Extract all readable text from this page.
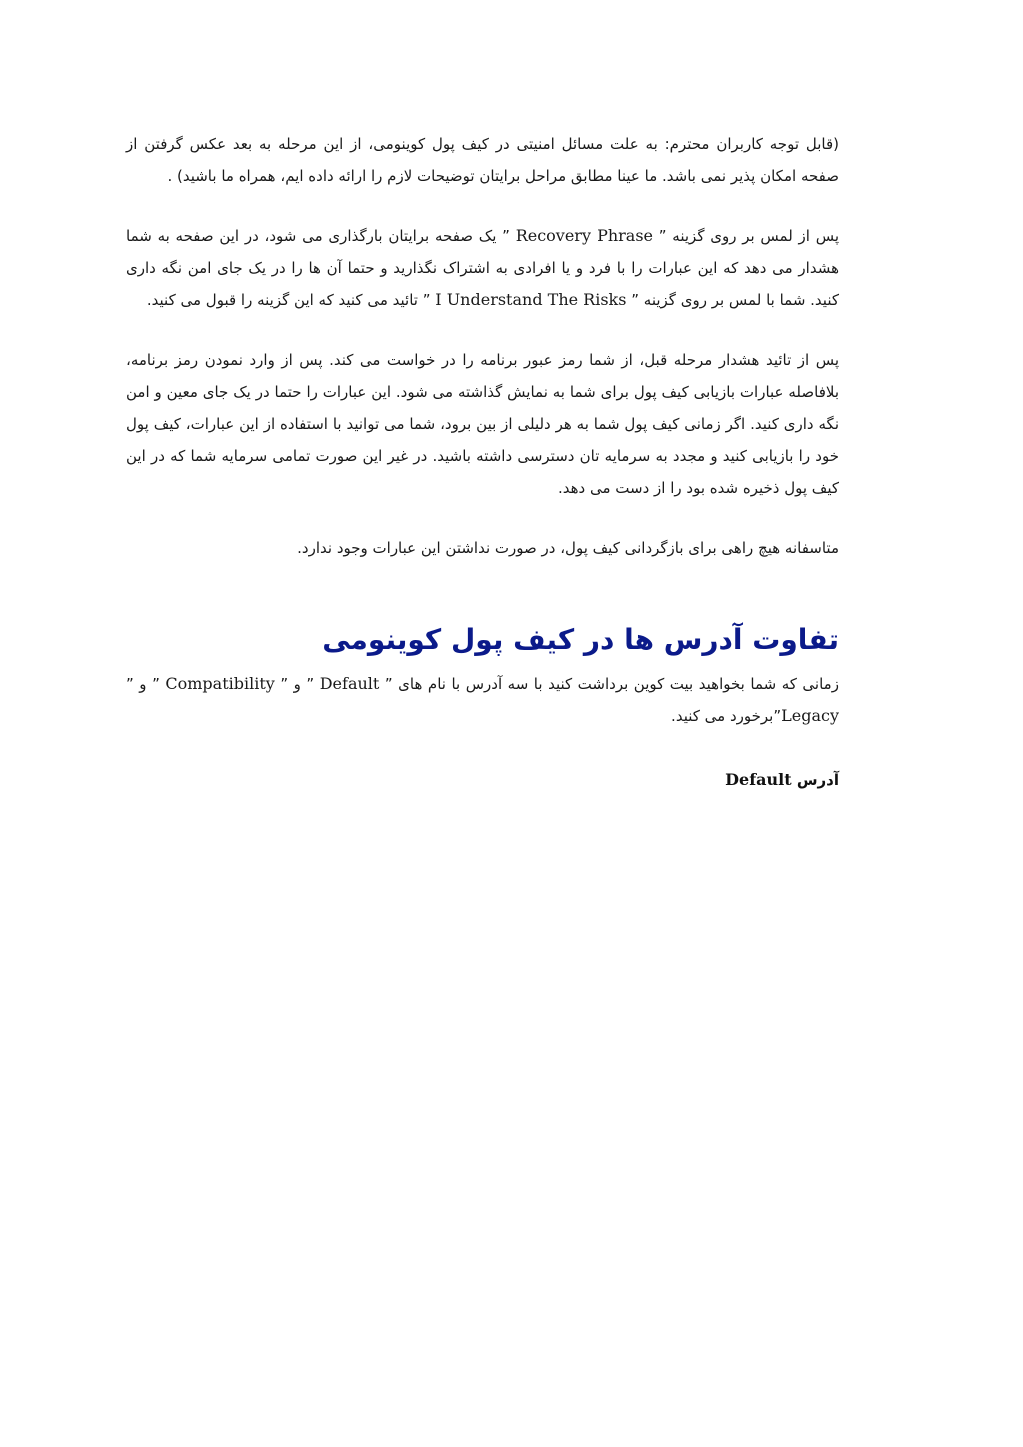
(قابل توجه کاربران محترم: به علت مسائل امنیتی در کیف پول کوینومی، از این مرحله به بعد عکس گرفتن از صفحه امکان پذیر نمی باشد. ما عینا مطابق مراحل برایتان توضیحات لازم را ارائه داده ایم، همراه ما باشید) .

پس از لمس بر روی گزینه ” Recovery Phrase ” یک صفحه برایتان بارگذاری می شود، در این صفحه به شما هشدار می دهد که این عبارات را با فرد و یا افرادی به اشتراک نگذارید و حتما آن ها را در یک جای امن نگه داری کنید. شما با لمس بر روی گزینه ” I Understand The Risks ” تائید می کنید که این گزینه را قبول می کنید.

پس از تائید هشدار مرحله قبل، از شما رمز عبور برنامه را در خواست می کند. پس از وارد نمودن رمز برنامه، بلافاصله عبارات بازیابی کیف پول برای شما به نمایش گذاشته می شود. این عبارات را حتما در یک جای معین و امن نگه داری کنید. اگر زمانی کیف پول شما به هر دلیلی از بین برود، شما می توانید با استفاده از این عبارات، کیف پول خود را بازیابی کنید و مجدد به سرمایه تان دسترسی داشته باشید. در غیر این صورت تمامی سرمایه شما که در این کیف پول ذخیره شده بود را از دست می دهد.

متاسفانه هیچ راهی برای بازگردانی کیف پول، در صورت نداشتن این عبارات وجود ندارد.

تفاوت آدرس ها در کیف پول کوینومی

زمانی که شما بخواهید بیت کوین برداشت کنید با سه آدرس با نام های ” Default ” و ” Compatibility ” و ” Legacy”برخورد می کنید.

آدرس Default
